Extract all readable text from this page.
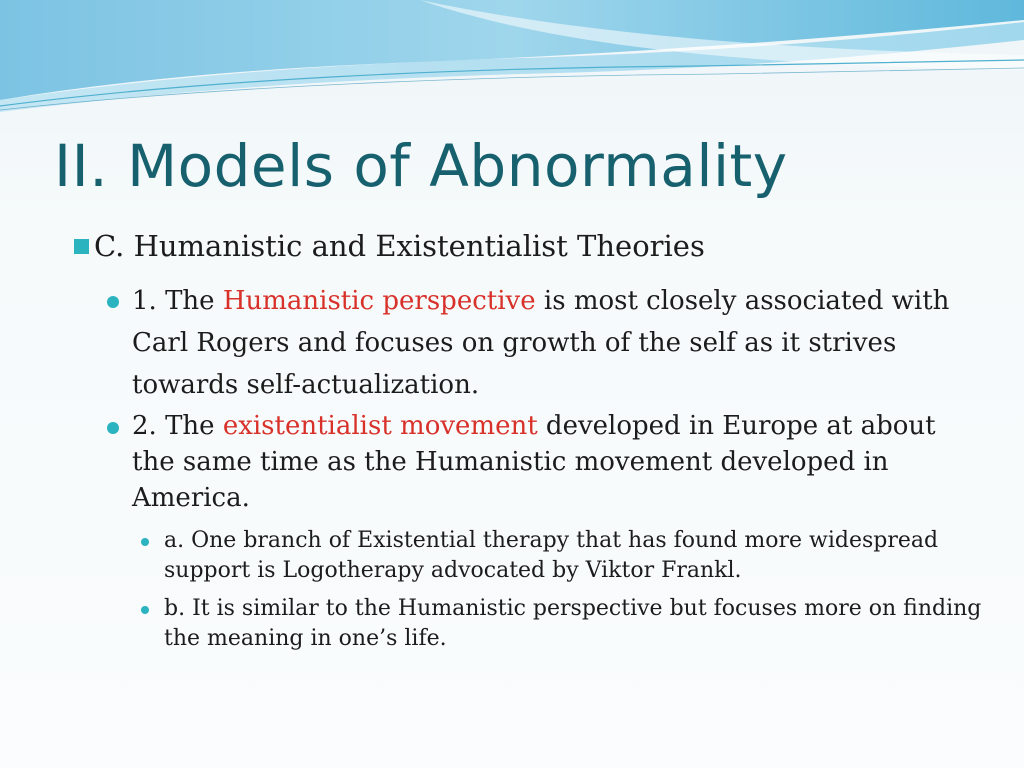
II. Models of Abnormality

C. Humanistic and Existentialist Theories

1. The Humanistic perspective is most closely associated with Carl Rogers and focuses on growth of the self as it strives towards self-actualization.

2. The existentialist movement developed in Europe at about the same time as the Humanistic movement developed in America.

a. One branch of Existential therapy that has found more widespread support is Logotherapy advocated by Viktor Frankl.

b. It is similar to the Humanistic perspective but focuses more on finding the meaning in one’s life.
